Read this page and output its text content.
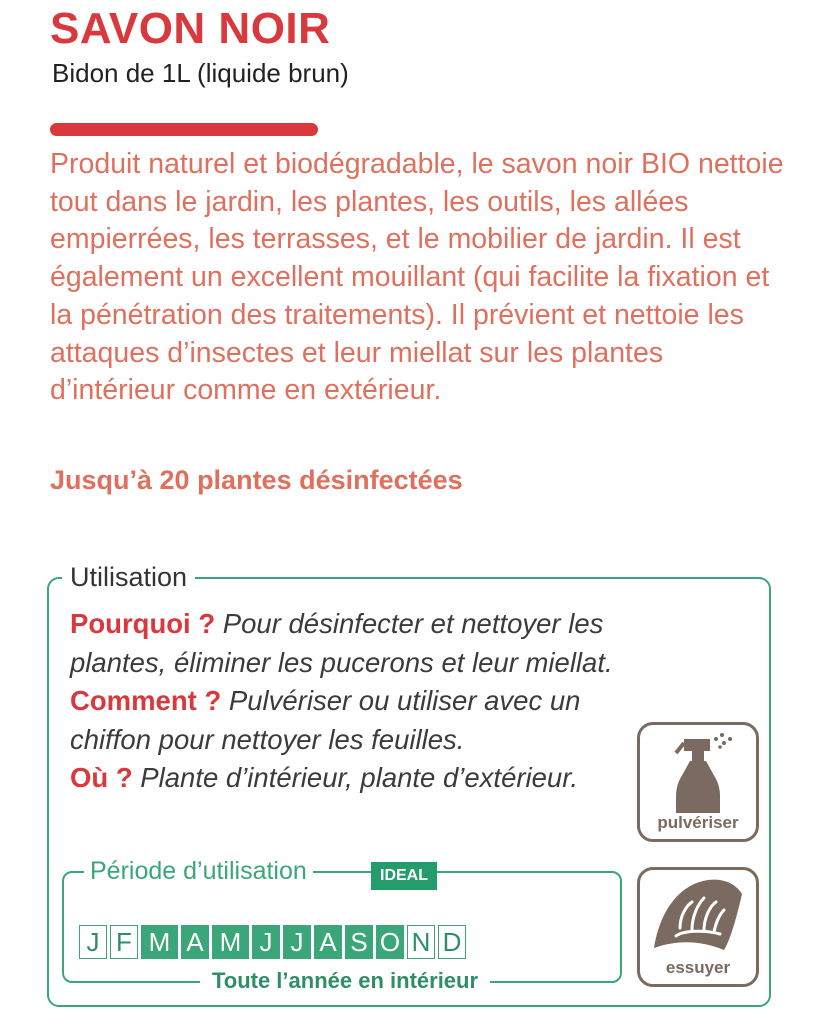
SAVON NOIR
Bidon de 1L (liquide brun)

Produit naturel et biodégradable, le savon noir BIO nettoie tout dans le jardin, les plantes, les outils, les allées empierrées, les terrasses, et le mobilier de jardin. Il est également un excellent mouillant (qui facilite la fixation et la pénétration des traitements). Il prévient et nettoie les attaques d’insectes et leur miellat sur les plantes d’intérieur comme en extérieur.

Jusqu’à 20 plantes désinfectées
Utilisation
Pourquoi ? Pour désinfecter et nettoyer les plantes, éliminer les pucerons et leur miellat.
Comment ? Pulvériser ou utiliser avec un chiffon pour nettoyer les feuilles.
Où ? Plante d’intérieur, plante d’extérieur.
Période d’utilisation	IDEAL
J F M A M J J A S O N D
Toute l’année en intérieur
pulvériser
essuyer
